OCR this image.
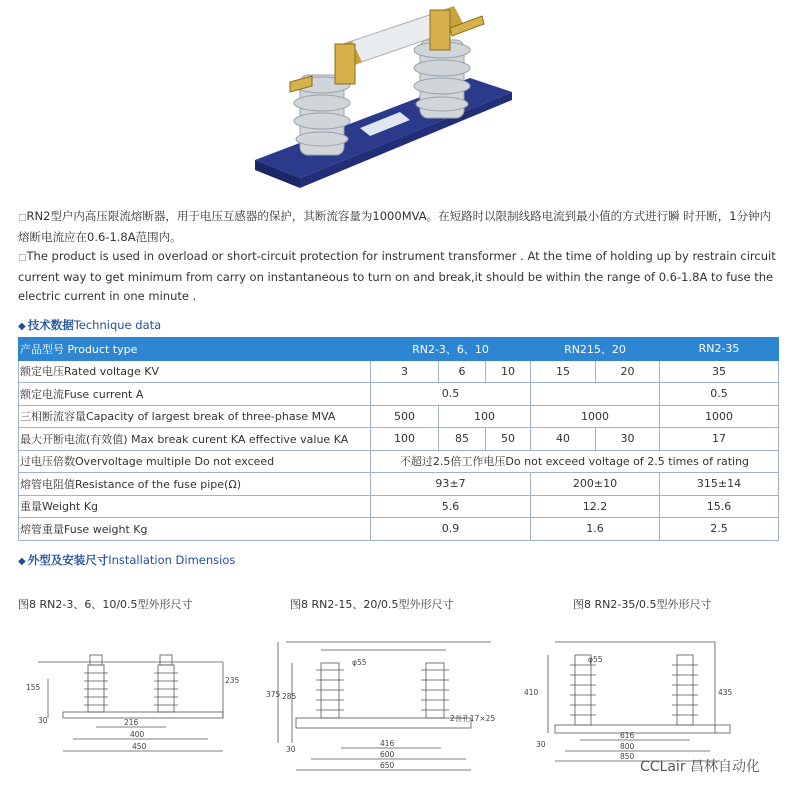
□RN2型户内高压限流熔断器，用于电压互感器的保护，其断流容量为1000MVA。在短路时以限制线路电流到最小值的方式进行瞬 时开断，1分钟内熔断电流应在0.6-1.8A范围内。

□The product is used in overload or short-circuit protection for instrument transformer . At the time of holding up by restrain circuit current way to get minimum from carry on instantaneous to turn on and break,it should be within the range of 0.6-1.8A to fuse the electric current in one minute .

◆ 技术数据Technique data
产品型号 Product type	RN2-3、6、10			RN215、20		RN2-35
额定电压Rated voltage KV	3	6	10	15	20	35
额定电流Fuse current A	0.5					0.5
三相断流容量Capacity of largest break of three-phase MVA	500	100		1000		1000
最大开断电流(有效值) Max break curent KA effective value KA	100	85	50	40	30	17
过电压倍数Overvoltage multiple Do not exceed	不超过2.5倍工作电压Do not exceed voltage of 2.5 times of rating					
熔管电阻值Resistance of the fuse pipe(Ω)	93±7			200±10		315±14
重量Weight Kg	5.6			12.2		15.6
熔管重量Fuse weight Kg	0.9			1.6		2.5
◆ 外型及安装尺寸Installation Dimensios
图8 RN2-3、6、10/0.5型外形尺寸	图8 RN2-15、20/0.5型外形尺寸	图8 RN2-35/0.5型外形尺寸
155
235
30	216
400
450
φ55
375 285
2長孔17×25
30
416
600
650
φ55
410	435
30
616
800
850
CCLair 昌林自动化
